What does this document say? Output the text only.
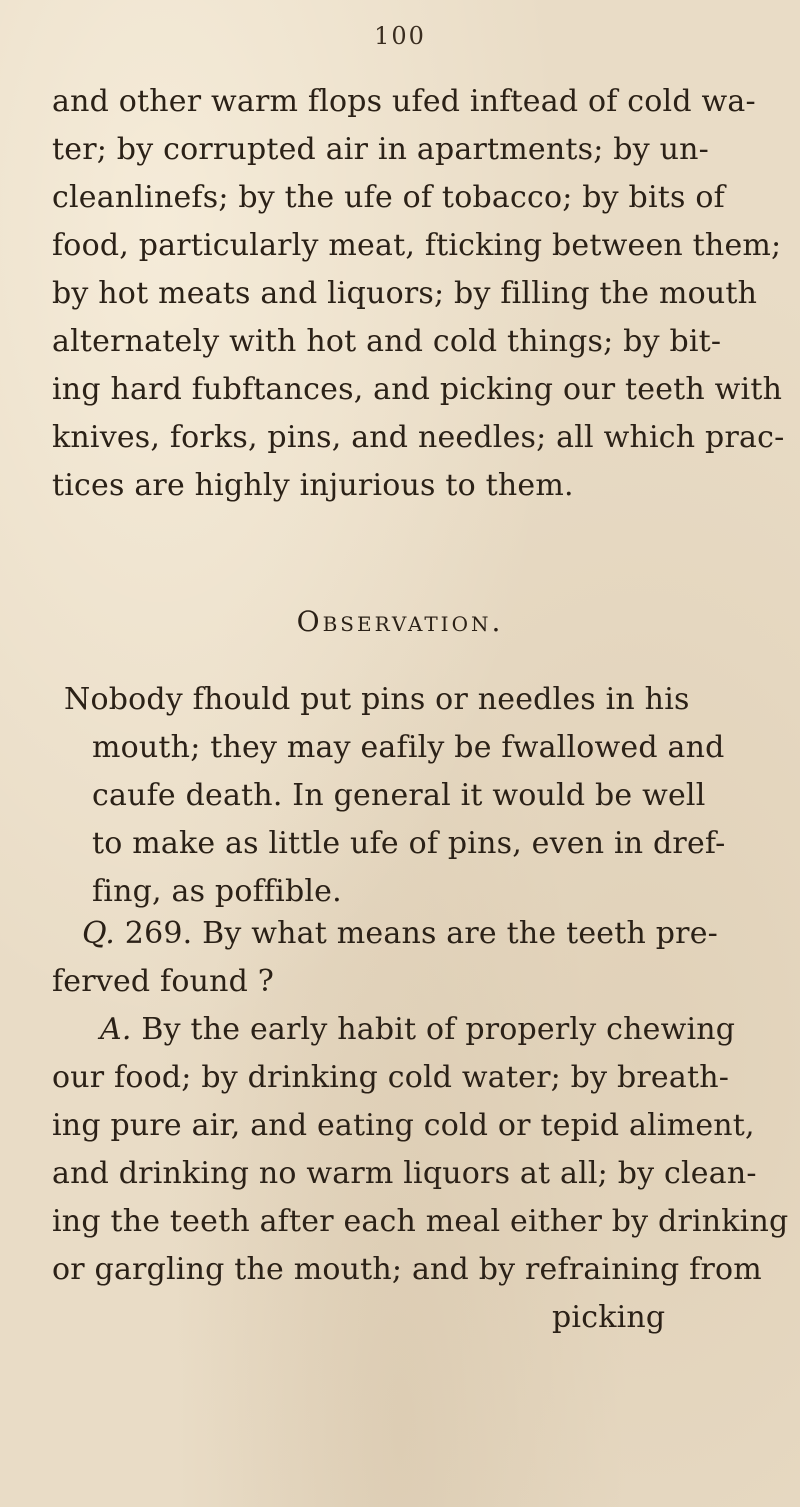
100
and other warm flops ufed inftead of cold wa-
ter; by corrupted air in apartments; by un-
cleanlinefs; by the ufe of tobacco; by bits of
food, particularly meat, fticking between them;
by hot meats and liquors; by filling the mouth
alternately with hot and cold things; by bit-
ing hard fubftances, and picking our teeth with
knives, forks, pins, and needles; all which prac-
tices are highly injurious to them.
Observation.
Nobody fhould put pins or needles in his
mouth; they may eafily be fwallowed and
caufe death. In general it would be well
to make as little ufe of pins, even in dref-
fing, as poffible.
Q. 269. By what means are the teeth pre-
ferved found ?
A. By the early habit of properly chewing
our food; by drinking cold water; by breath-
ing pure air, and eating cold or tepid aliment,
and drinking no warm liquors at all; by clean-
ing the teeth after each meal either by drinking
or gargling the mouth; and by refraining from
picking
